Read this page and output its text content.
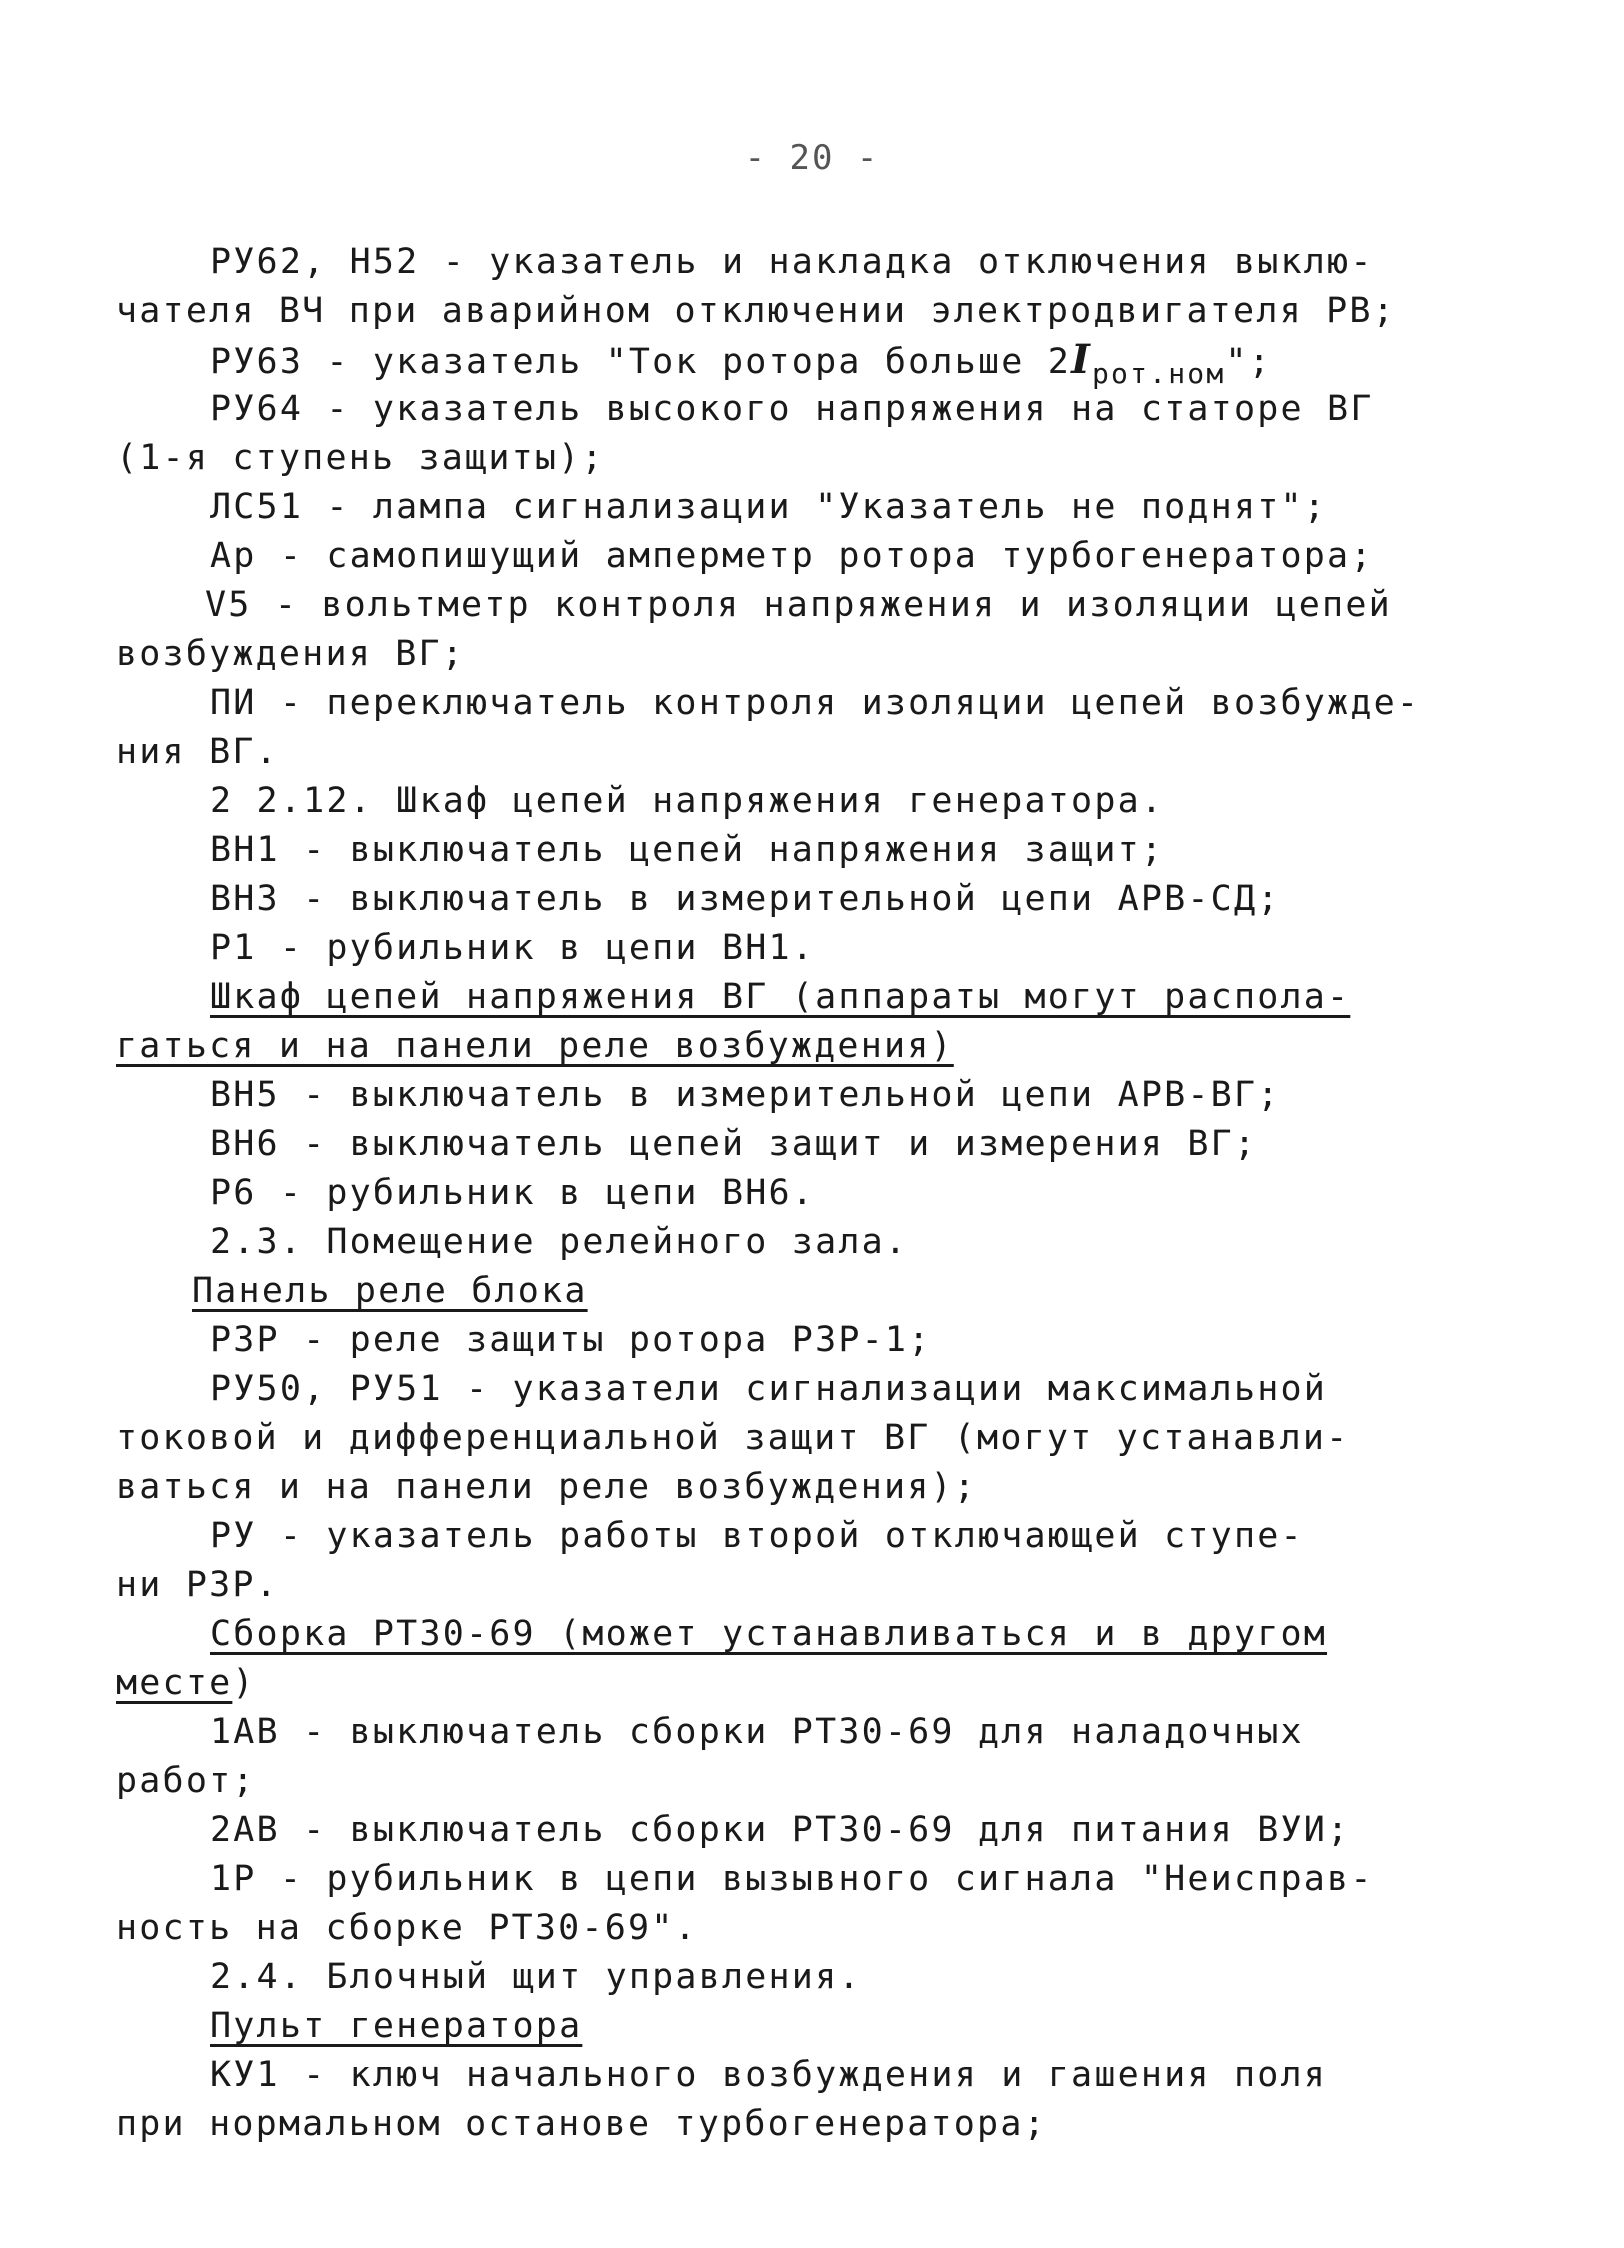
- 20 -
РУ62, Н52 - указатель и накладка отключения выклю-
чателя ВЧ при аварийном отключении электродвигателя РВ;
РУ63 - указатель "Ток ротора больше $2I_{рот.ном}$";
РУ64 - указатель высокого напряжения на статоре ВГ
(1-я ступень защиты);
ЛС51 - лампа сигнализации "Указатель не поднят";
Ар - самопишущий амперметр ротора турбогенератора;
V5 - вольтметр контроля напряжения и изоляции цепей
возбуждения ВГ;
ПИ - переключатель контроля изоляции цепей возбужде-
ния ВГ.
2 2.12. Шкаф цепей напряжения генератора.
ВН1 - выключатель цепей напряжения защит;
ВН3 - выключатель в измерительной цепи АРВ-СД;
Р1 - рубильник в цепи ВН1.
Шкаф цепей напряжения ВГ (аппараты могут распола-
гаться и на панели реле возбуждения)
ВН5 - выключатель в измерительной цепи АРВ-ВГ;
ВН6 - выключатель цепей защит и измерения ВГ;
Р6 - рубильник в цепи ВН6.
2.3. Помещение релейного зала.
Панель реле блока
РЗР - реле защиты ротора РЗР-1;
РУ50, РУ51 - указатели сигнализации максимальной
токовой и дифференциальной защит ВГ (могут устанавли-
ваться и на панели реле возбуждения);
РУ - указатель работы второй отключающей ступе-
ни РЗР.
Сборка РТ30-69 (может устанавливаться и в другом
месте)
1АВ - выключатель сборки РТ30-69 для наладочных
работ;
2АВ - выключатель сборки РТ30-69 для питания ВУИ;
1Р - рубильник в цепи вызывного сигнала "Неисправ-
ность на сборке РТ30-69".
2.4. Блочный щит управления.
Пульт генератора
КУ1 - ключ начального возбуждения и гашения поля
при нормальном останове турбогенератора;
